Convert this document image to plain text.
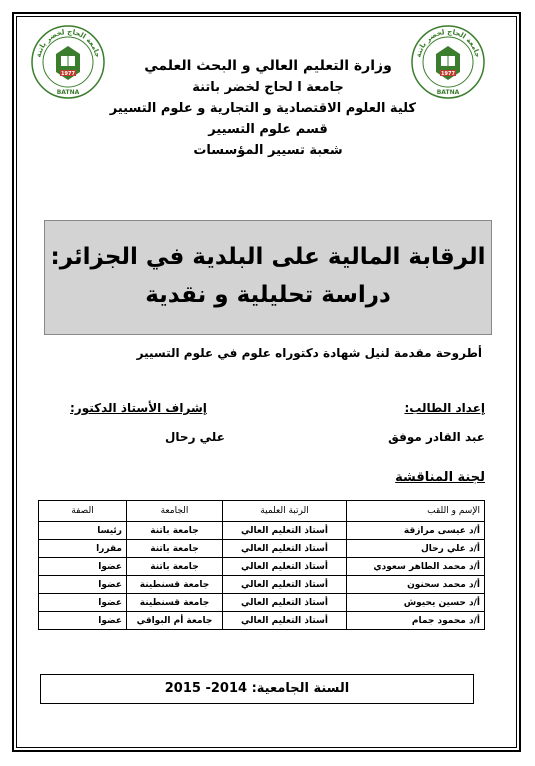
جامعة الحاج لخضر باتنة
1977
BATNA
جامعة الحاج لخضر باتنة
1977
BATNA
وزارة التعليم العالي و البحث العلمي
جامعة ا لحاج لخضر باتنة
كلية العلوم الاقتصادية و التجارية و علوم التسيير
قسم علوم التسيير
شعبة تسيير المؤسسات
الرقابة المالية على البلدية في الجزائر:
دراسة تحليلية و نقدية
أطروحة مقدمة لنيل شهادة دكتوراه علوم في علوم التسيير
إعداد الطالب:
عبد القادر موفق
إشراف الأستاذ الدكتور:
علي رحال
لجنة المناقشة
الإسم و اللقب	الرتبة العلمية	الجامعة	الصفة
أ/د عيسى مرازقة	أستاذ التعليم العالي	جامعة باتنة	رئيسا
أ/د علي رحال	أستاذ التعليم العالي	جامعة باتنة	مقررا
أ/د محمد الطاهر سعودي	أستاذ التعليم العالي	جامعة باتنة	عضوا
أ/د محمد سحنون	أستاذ التعليم العالي	جامعة قسنطينة	عضوا
أ/د حسين يحيوش	أستاذ التعليم العالي	جامعة قسنطينة	عضوا
أ/د محمود جمام	أستاذ التعليم العالي	جامعة أم البواقي	عضوا
السنة الجامعية: 2014- 2015
